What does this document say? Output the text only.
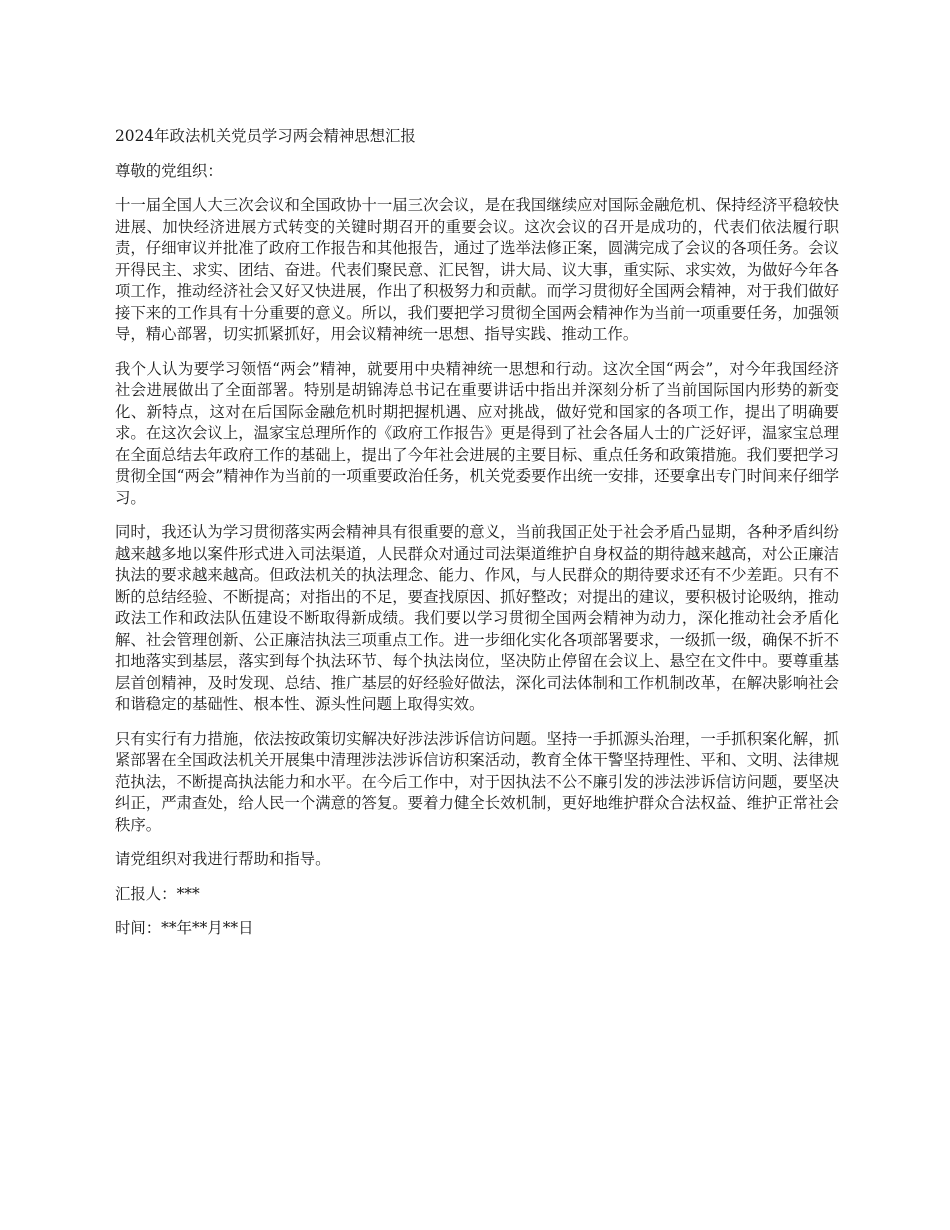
2024年政法机关党员学习两会精神思想汇报
尊敬的党组织：
十一届全国人大三次会议和全国政协十一届三次会议，是在我国继续应对国际金融危机、保持经济平稳较快进展、加快经济进展方式转变的关键时期召开的重要会议。这次会议的召开是成功的，代表们依法履行职责，仔细审议并批准了政府工作报告和其他报告，通过了选举法修正案，圆满完成了会议的各项任务。会议开得民主、求实、团结、奋进。代表们聚民意、汇民智，讲大局、议大事，重实际、求实效，为做好今年各项工作，推动经济社会又好又快进展，作出了积极努力和贡献。而学习贯彻好全国两会精神，对于我们做好接下来的工作具有十分重要的意义。所以，我们要把学习贯彻全国两会精神作为当前一项重要任务，加强领导，精心部署，切实抓紧抓好，用会议精神统一思想、指导实践、推动工作。
我个人认为要学习领悟“两会”精神，就要用中央精神统一思想和行动。这次全国“两会”，对今年我国经济社会进展做出了全面部署。特别是胡锦涛总书记在重要讲话中指出并深刻分析了当前国际国内形势的新变化、新特点，这对在后国际金融危机时期把握机遇、应对挑战，做好党和国家的各项工作，提出了明确要求。在这次会议上，温家宝总理所作的《政府工作报告》更是得到了社会各届人士的广泛好评，温家宝总理在全面总结去年政府工作的基础上，提出了今年社会进展的主要目标、重点任务和政策措施。我们要把学习贯彻全国“两会”精神作为当前的一项重要政治任务，机关党委要作出统一安排，还要拿出专门时间来仔细学习。
同时，我还认为学习贯彻落实两会精神具有很重要的意义，当前我国正处于社会矛盾凸显期，各种矛盾纠纷越来越多地以案件形式进入司法渠道，人民群众对通过司法渠道维护自身权益的期待越来越高，对公正廉洁执法的要求越来越高。但政法机关的执法理念、能力、作风，与人民群众的期待要求还有不少差距。只有不断的总结经验、不断提高；对指出的不足，要查找原因、抓好整改；对提出的建议，要积极讨论吸纳，推动政法工作和政法队伍建设不断取得新成绩。我们要以学习贯彻全国两会精神为动力，深化推动社会矛盾化解、社会管理创新、公正廉洁执法三项重点工作。进一步细化实化各项部署要求，一级抓一级，确保不折不扣地落实到基层，落实到每个执法环节、每个执法岗位，坚决防止停留在会议上、悬空在文件中。要尊重基层首创精神，及时发现、总结、推广基层的好经验好做法，深化司法体制和工作机制改革，在解决影响社会和谐稳定的基础性、根本性、源头性问题上取得实效。
只有实行有力措施，依法按政策切实解决好涉法涉诉信访问题。坚持一手抓源头治理，一手抓积案化解，抓紧部署在全国政法机关开展集中清理涉法涉诉信访积案活动，教育全体干警坚持理性、平和、文明、法律规范执法，不断提高执法能力和水平。在今后工作中，对于因执法不公不廉引发的涉法涉诉信访问题，要坚决纠正，严肃查处，给人民一个满意的答复。要着力健全长效机制，更好地维护群众合法权益、维护正常社会秩序。
请党组织对我进行帮助和指导。
汇报人：***
时间：**年**月**日
